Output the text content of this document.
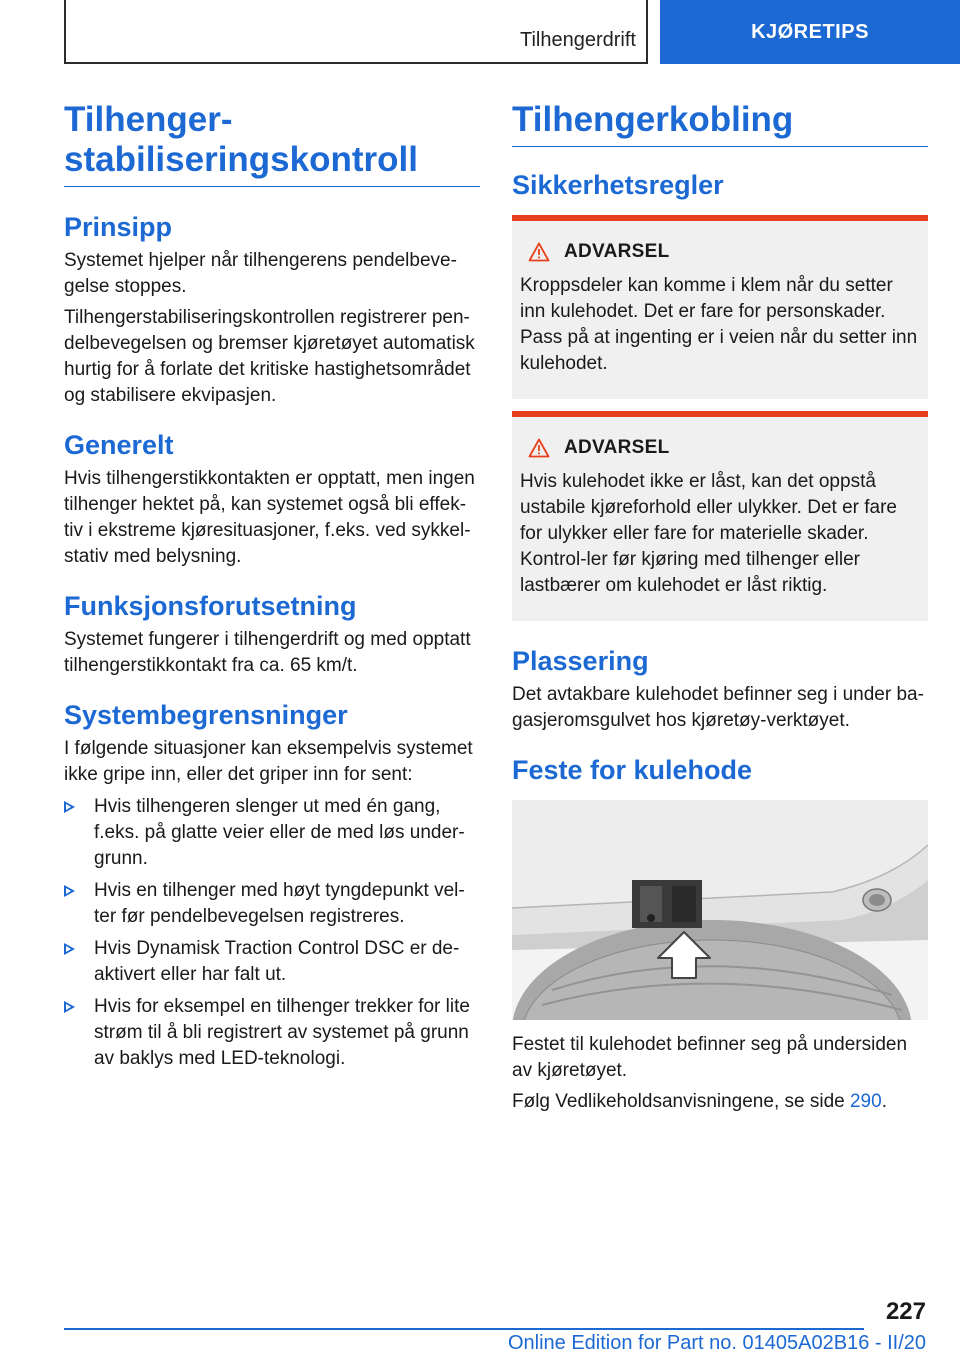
Tilhengerdrift	KJØRETIPS
Tilhenger-
stabiliseringskontroll
Prinsipp

Systemet hjelper når tilhengerens pendelbeve-gelse stoppes.

Tilhengerstabiliseringskontrollen registrerer pen-delbevegelsen og bremser kjøretøyet automatisk hurtig for å forlate det kritiske hastighetsområdet og stabilisere ekvipasjen.

Generelt

Hvis tilhengerstikkontakten er opptatt, men ingen tilhenger hektet på, kan systemet også bli effek-tiv i ekstreme kjøresituasjoner, f.eks. ved sykkel-stativ med belysning.

Funksjonsforutsetning

Systemet fungerer i tilhengerdrift og med opptatt tilhengerstikkontakt fra ca. 65 km/t.

Systembegrensninger

I følgende situasjoner kan eksempelvis systemet ikke gripe inn, eller det griper inn for sent:

Hvis tilhengeren slenger ut med én gang, f.eks. på glatte veier eller de med løs under-grunn.
Hvis en tilhenger med høyt tyngdepunkt vel-ter før pendelbevegelsen registreres.
Hvis Dynamisk Traction Control DSC er de-aktivert eller har falt ut.
Hvis for eksempel en tilhenger trekker for lite strøm til å bli registrert av systemet på grunn av baklys med LED-teknologi.
Tilhengerkobling
Sikkerhetsregler
ADVARSEL

Kroppsdeler kan komme i klem når du setter inn kulehodet. Det er fare for personskader. Pass på at ingenting er i veien når du setter inn kulehodet.

ADVARSEL

Hvis kulehodet ikke er låst, kan det oppstå ustabile kjøreforhold eller ulykker. Det er fare for ulykker eller fare for materielle skader. Kontrol-ler før kjøring med tilhenger eller lastbærer om kulehodet er låst riktig.

Plassering

Det avtakbare kulehodet befinner seg i under ba-gasjeromsgulvet hos kjøretøy-verktøyet.

Feste for kulehode

Festet til kulehodet befinner seg på undersiden av kjøretøyet.

Følg Vedlikeholdsanvisningene, se side 290.

227
Online Edition for Part no. 01405A02B16 - II/20
